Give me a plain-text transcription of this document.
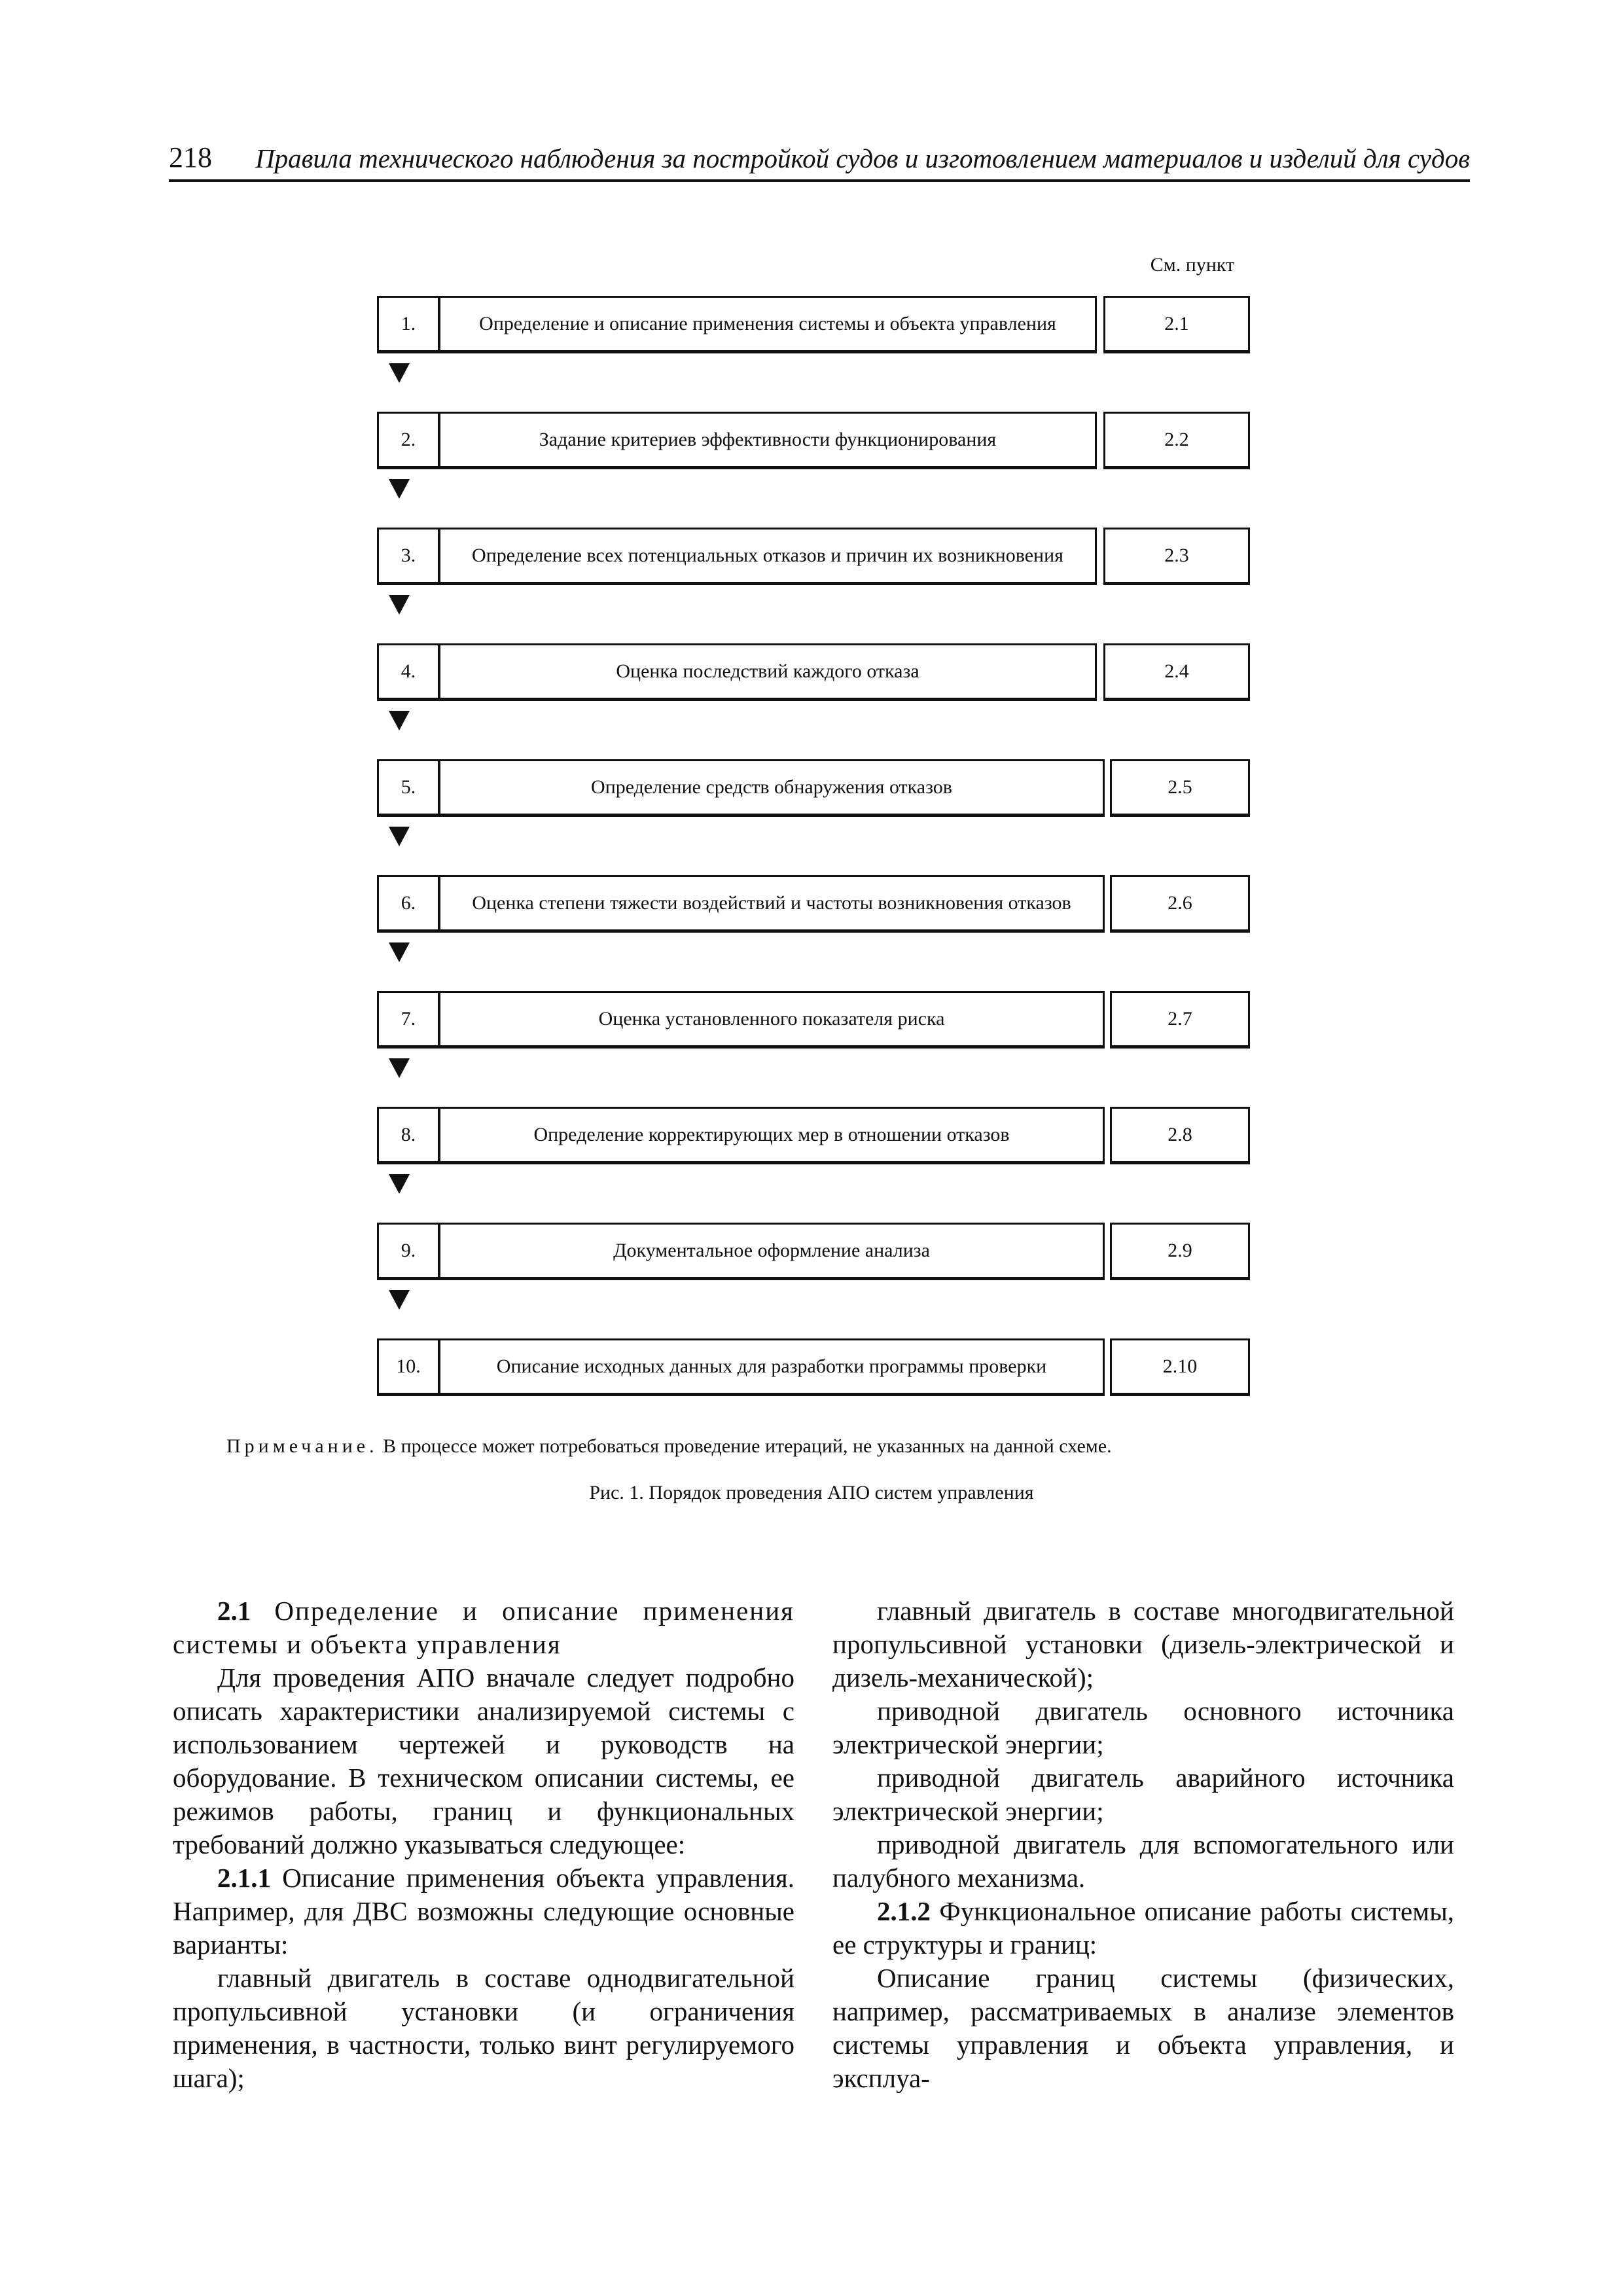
218 Правила технического наблюдения за постройкой судов и изготовлением материалов и изделий для судов
См. пункт
1.	Определение и описание применения системы и объекта управления	2.1
2.	Задание критериев эффективности функционирования	2.2
3.	Определение всех потенциальных отказов и причин их возникновения	2.3
4.	Оценка последствий каждого отказа	2.4
5.	Определение средств обнаружения отказов	2.5
6.	Оценка степени тяжести воздействий и частоты возникновения отказов	2.6
7.	Оценка установленного показателя риска	2.7
8.	Определение корректирующих мер в отношении отказов	2.8
9.	Документальное оформление анализа	2.9
10.	Описание исходных данных для разработки программы проверки	2.10
Примечание. В процессе может потребоваться проведение итераций, не указанных на данной схеме.
Рис. 1. Порядок проведения АПО систем управления

2.1 Определение и описание применения системы и объекта управления

Для проведения АПО вначале следует подробно описать характеристики анализируемой системы с использованием чертежей и руководств на оборудование. В техническом описании системы, ее режимов работы, границ и функциональных требований должно указываться следующее:

2.1.1 Описание применения объекта управления. Например, для ДВС возможны следующие основные варианты:

главный двигатель в составе однодвигательной пропульсивной установки (и ограничения применения, в частности, только винт регулируемого шага);

главный двигатель в составе многодвигательной пропульсивной установки (дизель-электрической и дизель-механической);

приводной двигатель основного источника электрической энергии;

приводной двигатель аварийного источника электрической энергии;

приводной двигатель для вспомогательного или палубного механизма.

2.1.2 Функциональное описание работы системы, ее структуры и границ:

Описание границ системы (физических, например, рассматриваемых в анализе элементов системы управления и объекта управления, и эксплуа-
